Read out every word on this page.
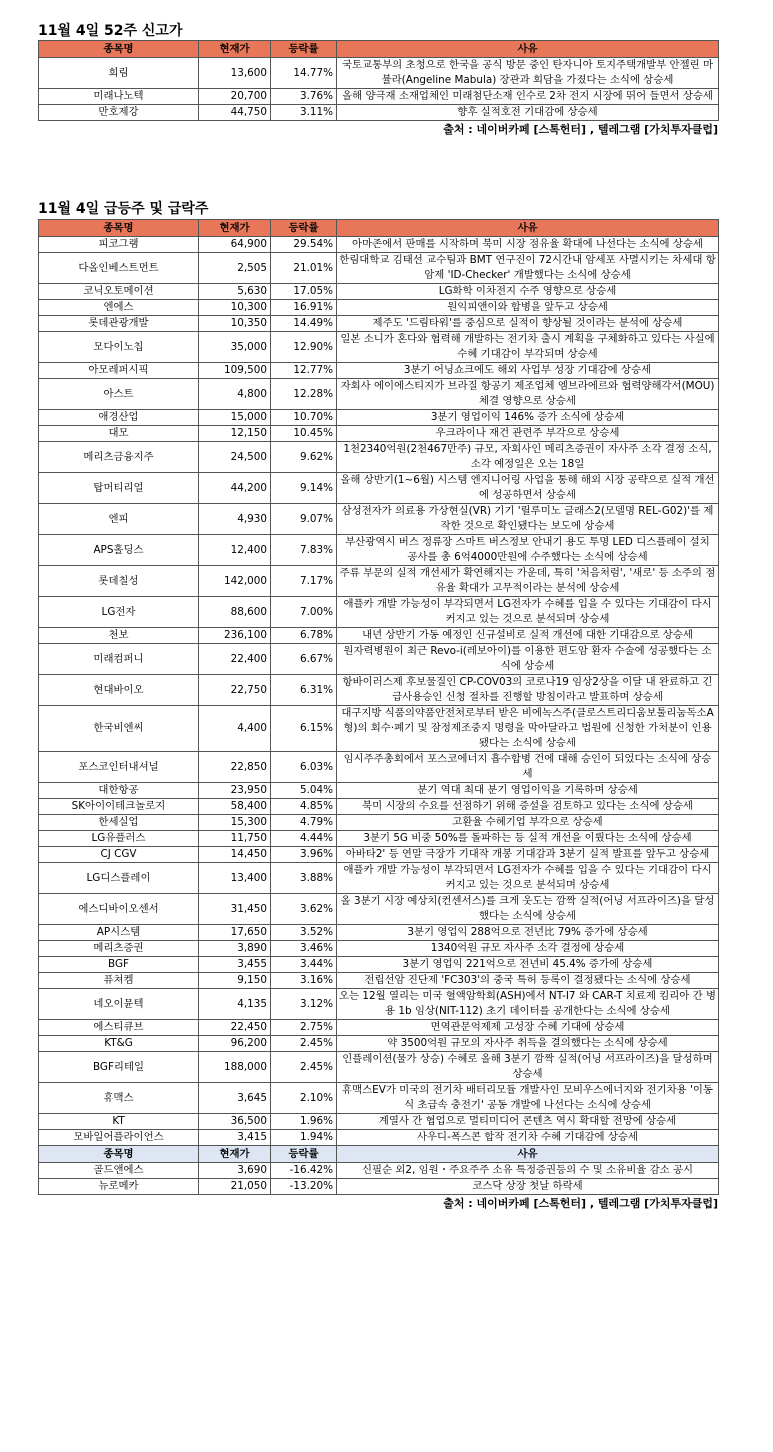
11월 4일 52주 신고가
종목명	현재가	등락률	사유
희림	13,600	14.77%	국토교통부의 초청으로 한국을 공식 방문 중인 탄자니아 토지주택개발부 안젤린 마뷸라(Angeline Mabula) 장관과 회담을 가졌다는 소식에 상승세
미래나노텍	20,700	3.76%	올해 양극재 소재업체인 미래첨단소재 인수로 2차 전지 시장에 뛰어 들면서 상승세
만호제강	44,750	3.11%	향후 실적호전 기대감에 상승세
출처 : 네이버카페 [스톡헌터] , 텔레그램 [가치투자클럽]
11월 4일 급등주 및 급락주
종목명	현재가	등락률	사유
피코그램	64,900	29.54%	아마존에서 판매를 시작하며 북미 시장 점유율 확대에 나선다는 소식에 상승세
다올인베스트먼트	2,505	21.01%	한림대학교 김태선 교수팀과 BMT 연구진이 72시간내 암세포 사멸시키는 차세대 항암제 'ID-Checker' 개발했다는 소식에 상승세
코닉오토메이션	5,630	17.05%	LG화학 이차전지 수주 영향으로 상승세
엔에스	10,300	16.91%	원익피앤이와 합병을 앞두고 상승세
롯데관광개발	10,350	14.49%	제주도 '드림타워'를 중심으로 실적이 향상될 것이라는 분석에 상승세
모다이노칩	35,000	12.90%	일본 소니가 혼다와 협력해 개발하는 전기차 출시 계획을 구체화하고 있다는 사실에 수혜 기대감이 부각되며 상승세
아모레퍼시픽	109,500	12.77%	3분기 어닝쇼크에도 해외 사업부 성장 기대감에 상승세
아스트	4,800	12.28%	자회사 에이에스티지가 브라질 항공기 제조업체 엠브라에르와 협력양해각서(MOU)체결 영향으로 상승세
애경산업	15,000	10.70%	3분기 영업이익 146% 증가 소식에 상승세
대모	12,150	10.45%	우크라이나 재건 관련주 부각으로 상승세
메리츠금융지주	24,500	9.62%	1천2340억원(2천467만주) 규모, 자회사인 메리츠증권이 자사주 소각 결정 소식, 소각 예정일은 오는 18일
탑머티리얼	44,200	9.14%	올해 상반기(1~6월) 시스템 엔지니어링 사업을 통해 해외 시장 공략으로 실적 개선에 성공하면서 상승세
엔피	4,930	9.07%	삼성전자가 의료용 가상현실(VR) 기기 '릴루미노 글래스2(모델명 REL-G02)'를 제작한 것으로 확인됐다는 보도에 상승세
APS홀딩스	12,400	7.83%	부산광역시 버스 정류장 스마트 버스정보 안내기 용도 투명 LED 디스플레이 설치 공사를 총 6억4000만원에 수주했다는 소식에 상승세
롯데칠성	142,000	7.17%	주류 부문의 실적 개선세가 확연해지는 가운데, 특히 '처음처럼', '새로' 등 소주의 점유율 확대가 고무적이라는 분석에 상승세
LG전자	88,600	7.00%	애플카 개발 가능성이 부각되면서 LG전자가 수혜를 입을 수 있다는 기대감이 다시 커지고 있는 것으로 분석되며 상승세
천보	236,100	6.78%	내년 상반기 가동 예정인 신규설비로 실적 개선에 대한 기대감으로 상승세
미래컴퍼니	22,400	6.67%	원자력병원이 최근 Revo-i(레보아이)를 이용한 편도암 환자 수술에 성공했다는 소식에 상승세
현대바이오	22,750	6.31%	항바이러스제 후보물질인 CP-COV03의 코로나19 임상2상을 이달 내 완료하고 긴급사용승인 신청 절차를 진행할 방침이라고 발표하며 상승세
한국비엔씨	4,400	6.15%	대구지방 식품의약품안전처로부터 받은 비에녹스주(클로스트리디움보툴리눔독소A형)의 회수·폐기 및 잠정제조중지 명령을 막아달라고 법원에 신청한 가처분이 인용됐다는 소식에 상승세
포스코인터내셔널	22,850	6.03%	임시주주총회에서 포스코에너지 흡수합병 건에 대해 승인이 되었다는 소식에 상승세
대한항공	23,950	5.04%	분기 역대 최대 분기 영업이익을 기록하며 상승세
SK아이이테크놀로지	58,400	4.85%	북미 시장의 수요를 선점하기 위해 증설을 검토하고 있다는 소식에 상승세
한세실업	15,300	4.79%	고환율 수혜기업 부각으로 상승세
LG유플러스	11,750	4.44%	3분기 5G 비중 50%를 돌파하는 등 실적 개선을 이뤘다는 소식에 상승세
CJ CGV	14,450	3.96%	아바타2' 등 연말 극장가 기대작 개봉 기대감과 3분기 실적 발표를 앞두고 상승세
LG디스플레이	13,400	3.88%	애플카 개발 가능성이 부각되면서 LG전자가 수혜를 입을 수 있다는 기대감이 다시 커지고 있는 것으로 분석되며 상승세
에스디바이오센서	31,450	3.62%	올 3분기 시장 예상치(컨센서스)를 크게 웃도는 깜짝 실적(어닝 서프라이즈)을 달성했다는 소식에 상승세
AP시스템	17,650	3.52%	3분기 영업익 288억으로 전년比 79% 증가에 상승세
메리츠증권	3,890	3.46%	1340억원 규모 자사주 소각 결정에 상승세
BGF	3,455	3.44%	3분기 영업익 221억으로 전년비 45.4% 증가에 상승세
퓨쳐켐	9,150	3.16%	전립선암 진단제 'FC303'의 중국 특허 등록이 결정됐다는 소식에 상승세
네오이뮨텍	4,135	3.12%	오는 12월 열리는 미국 혈액암학회(ASH)에서 NT-I7 와 CAR-T 치료제 킴리아 간 병용 1b 임상(NIT-112) 초기 데이터를 공개한다는 소식에 상승세
에스티큐브	22,450	2.75%	면역관문억제제 고성장 수혜 기대에 상승세
KT&G	96,200	2.45%	약 3500억원 규모의 자사주 취득을 결의했다는 소식에 상승세
BGF리테일	188,000	2.45%	인플레이션(물가 상승) 수혜로 올해 3분기 깜짝 실적(어닝 서프라이즈)을 달성하며 상승세
휴맥스	3,645	2.10%	휴맥스EV가 미국의 전기차 배터리모듈 개발사인 모비우스에너지와 전기차용 '이동식 초급속 충전기' 공동 개발에 나선다는 소식에 상승세
KT	36,500	1.96%	계열사 간 협업으로 멀티미디어 콘텐츠 역시 확대할 전망에 상승세
모바일어플라이언스	3,415	1.94%	사우디-폭스콘 합작 전기차 수혜 기대감에 상승세
종목명	현재가	등락률	사유
골드앤에스	3,690	-16.42%	신필순 외2, 임원・주요주주 소유 특정증권등의 수 및 소유비율 감소 공시
뉴로메카	21,050	-13.20%	코스닥 상장 첫날 하락세
출처 : 네이버카페 [스톡헌터] , 텔레그램 [가치투자클럽]
